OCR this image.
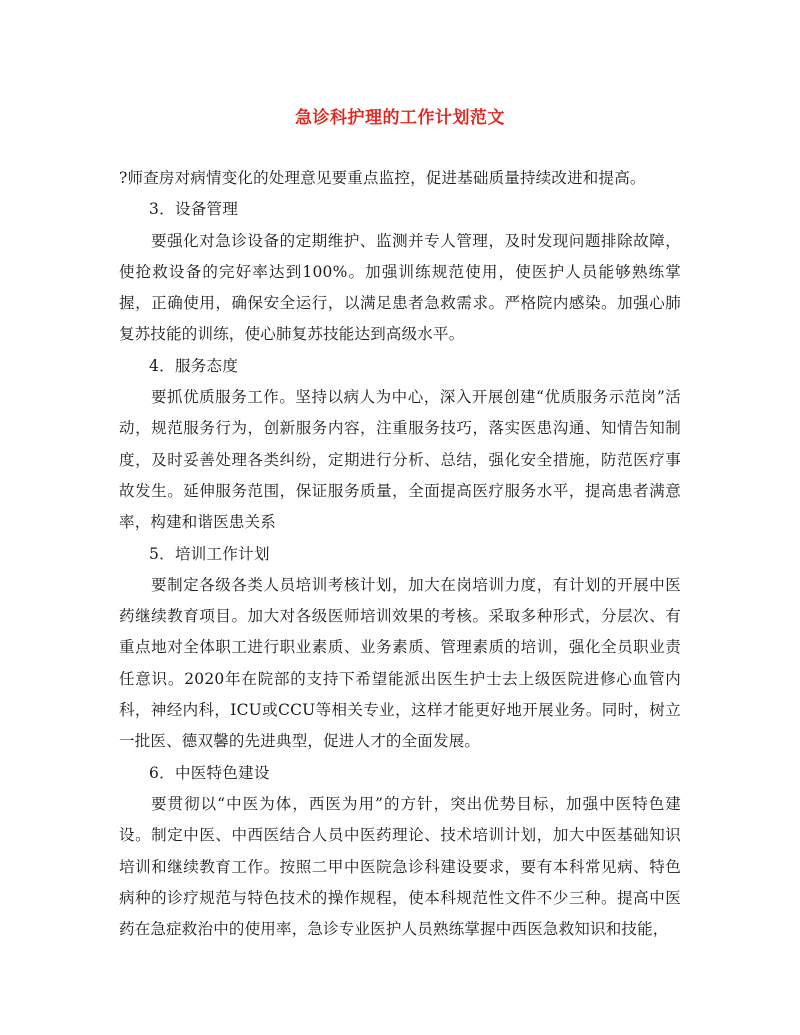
急诊科护理的工作计划范文

?师查房对病情变化的处理意见要重点监控，促进基础质量持续改进和提高。

3．设备管理

要强化对急诊设备的定期维护、监测并专人管理，及时发现问题排除故障，使抢救设备的完好率达到100%。加强训练规范使用，使医护人员能够熟练掌握，正确使用，确保安全运行，以满足患者急救需求。严格院内感染。加强心肺复苏技能的训练，使心肺复苏技能达到高级水平。

4．服务态度

要抓优质服务工作。坚持以病人为中心，深入开展创建“优质服务示范岗”活动，规范服务行为，创新服务内容，注重服务技巧，落实医患沟通、知情告知制度，及时妥善处理各类纠纷，定期进行分析、总结，强化安全措施，防范医疗事故发生。延伸服务范围，保证服务质量，全面提高医疗服务水平，提高患者满意率，构建和谐医患关系

5．培训工作计划

要制定各级各类人员培训考核计划，加大在岗培训力度，有计划的开展中医药继续教育项目。加大对各级医师培训效果的考核。采取多种形式，分层次、有重点地对全体职工进行职业素质、业务素质、管理素质的培训，强化全员职业责任意识。2020年在院部的支持下希望能派出医生护士去上级医院进修心血管内科，神经内科，ICU或CCU等相关专业，这样才能更好地开展业务。同时，树立一批医、德双馨的先进典型，促进人才的全面发展。

6．中医特色建设

要贯彻以“中医为体，西医为用”的方针，突出优势目标，加强中医特色建设。制定中医、中西医结合人员中医药理论、技术培训计划，加大中医基础知识培训和继续教育工作。按照二甲中医院急诊科建设要求，要有本科常见病、特色病种的诊疗规范与特色技术的操作规程，使本科规范性文件不少三种。提高中医药在急症救治中的使用率，急诊专业医护人员熟练掌握中西医急救知识和技能，
